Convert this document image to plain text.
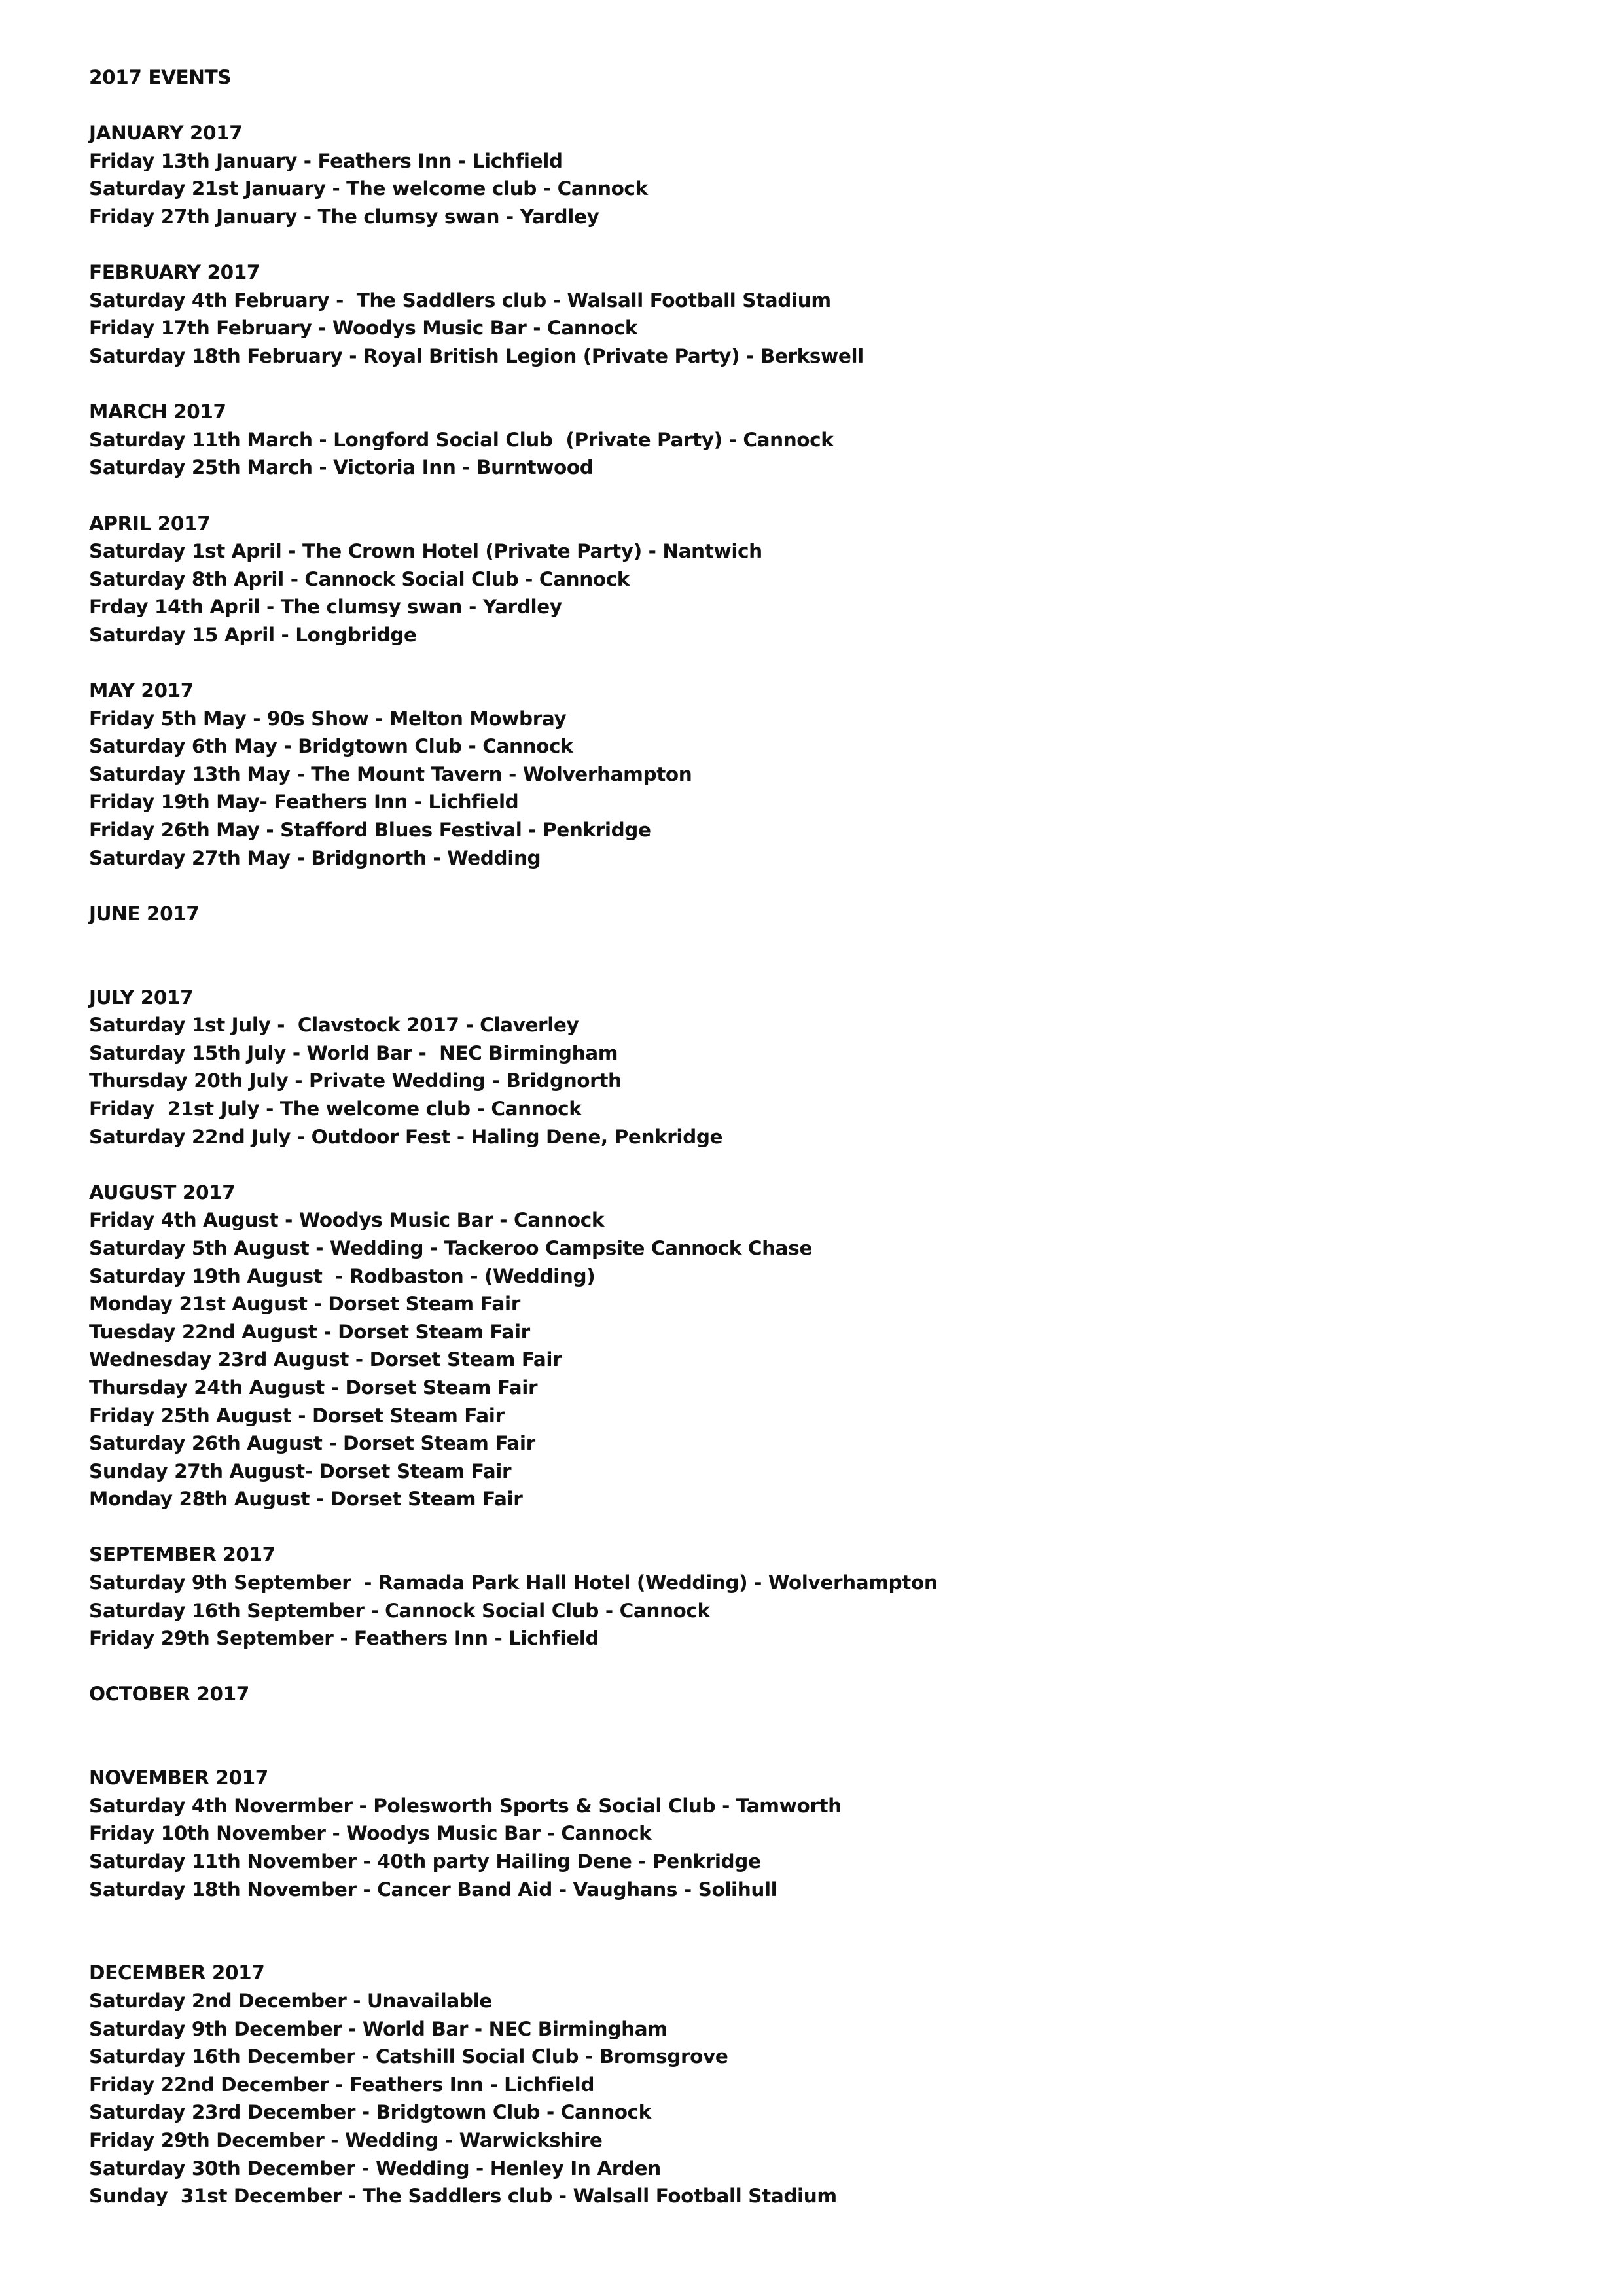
2017 EVENTS
JANUARY 2017
Friday 13th January - Feathers Inn - Lichfield
Saturday 21st January - The welcome club - Cannock
Friday 27th January - The clumsy swan - Yardley
FEBRUARY 2017
Saturday 4th February -  The Saddlers club - Walsall Football Stadium
Friday 17th February - Woodys Music Bar - Cannock
Saturday 18th February - Royal British Legion (Private Party) - Berkswell
MARCH 2017
Saturday 11th March - Longford Social Club  (Private Party) - Cannock
Saturday 25th March - Victoria Inn - Burntwood
APRIL 2017
Saturday 1st April - The Crown Hotel (Private Party) - Nantwich
Saturday 8th April - Cannock Social Club - Cannock
Frday 14th April - The clumsy swan - Yardley
Saturday 15 April - Longbridge
MAY 2017
Friday 5th May - 90s Show - Melton Mowbray
Saturday 6th May - Bridgtown Club - Cannock
Saturday 13th May - The Mount Tavern - Wolverhampton
Friday 19th May- Feathers Inn - Lichfield
Friday 26th May - Stafford Blues Festival - Penkridge
Saturday 27th May - Bridgnorth - Wedding
JUNE 2017
JULY 2017
Saturday 1st July -  Clavstock 2017 - Claverley
Saturday 15th July - World Bar -  NEC Birmingham
Thursday 20th July - Private Wedding - Bridgnorth
Friday  21st July - The welcome club - Cannock
Saturday 22nd July - Outdoor Fest - Haling Dene, Penkridge
AUGUST 2017
Friday 4th August - Woodys Music Bar - Cannock
Saturday 5th August - Wedding - Tackeroo Campsite Cannock Chase
Saturday 19th August  - Rodbaston - (Wedding)
Monday 21st August - Dorset Steam Fair
Tuesday 22nd August - Dorset Steam Fair
Wednesday 23rd August - Dorset Steam Fair
Thursday 24th August - Dorset Steam Fair
Friday 25th August - Dorset Steam Fair
Saturday 26th August - Dorset Steam Fair
Sunday 27th August- Dorset Steam Fair
Monday 28th August - Dorset Steam Fair
SEPTEMBER 2017
Saturday 9th September  - Ramada Park Hall Hotel (Wedding) - Wolverhampton
Saturday 16th September - Cannock Social Club - Cannock
Friday 29th September - Feathers Inn - Lichfield
OCTOBER 2017
NOVEMBER 2017
Saturday 4th Novermber - Polesworth Sports & Social Club - Tamworth
Friday 10th November - Woodys Music Bar - Cannock
Saturday 11th November - 40th party Hailing Dene - Penkridge
Saturday 18th November - Cancer Band Aid - Vaughans - Solihull
DECEMBER 2017
Saturday 2nd December - Unavailable
Saturday 9th December - World Bar - NEC Birmingham
Saturday 16th December - Catshill Social Club - Bromsgrove
Friday 22nd December - Feathers Inn - Lichfield
Saturday 23rd December - Bridgtown Club - Cannock
Friday 29th December - Wedding - Warwickshire
Saturday 30th December - Wedding - Henley In Arden
Sunday  31st December - The Saddlers club - Walsall Football Stadium
